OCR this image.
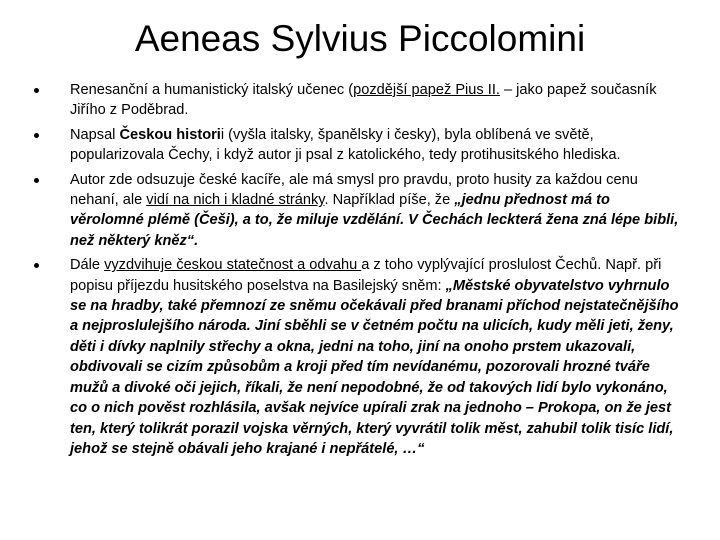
Aeneas Sylvius Piccolomini
Renesanční a humanistický italský učenec (pozdější papež Pius II. – jako papež současník Jiřího z Poděbrad.
Napsal Českou historii (vyšla italsky, španělsky i česky), byla oblíbená ve světě, popularizovala Čechy, i když autor ji psal z katolického, tedy protihusitského hlediska.
Autor zde odsuzuje české kacíře, ale má smysl pro pravdu, proto husity za každou cenu nehaní, ale vidí na nich i kladné stránky. Například píše, že „jednu přednost má to věrolomné plémě (Češi), a to, že miluje vzdělání. V Čechách leckterá žena zná lépe bibli, než některý kněz“.
Dále vyzdvihuje českou statečnost a odvahu a z toho vyplývající proslulost Čechů. Např. při popisu příjezdu husitského poselstva na Basilejský sněm: „Městské obyvatelstvo vyhrnulo se na hradby, také přemnozí ze sněmu očekávali před branami příchod nejstatečnějšího a nejproslulejšího národa. Jiní sběhli se v četném počtu na ulicích, kudy měli jeti, ženy, děti i dívky naplnily střechy a okna, jedni na toho, jiní na onoho prstem ukazovali, obdivovali se cizím způsobům a kroji před tím nevídanému, pozorovali hrozné tváře mužů a divoké oči jejich, říkali, že není nepodobné, že od takových lidí bylo vykonáno, co o nich pověst rozhlásila, avšak nejvíce upírali zrak na jednoho – Prokopa, on že jest ten, který tolikrát porazil vojska věrných, který vyvrátil tolik měst, zahubil tolik tisíc lidí, jehož se stejně obávali jeho krajané i nepřátelé, …“
